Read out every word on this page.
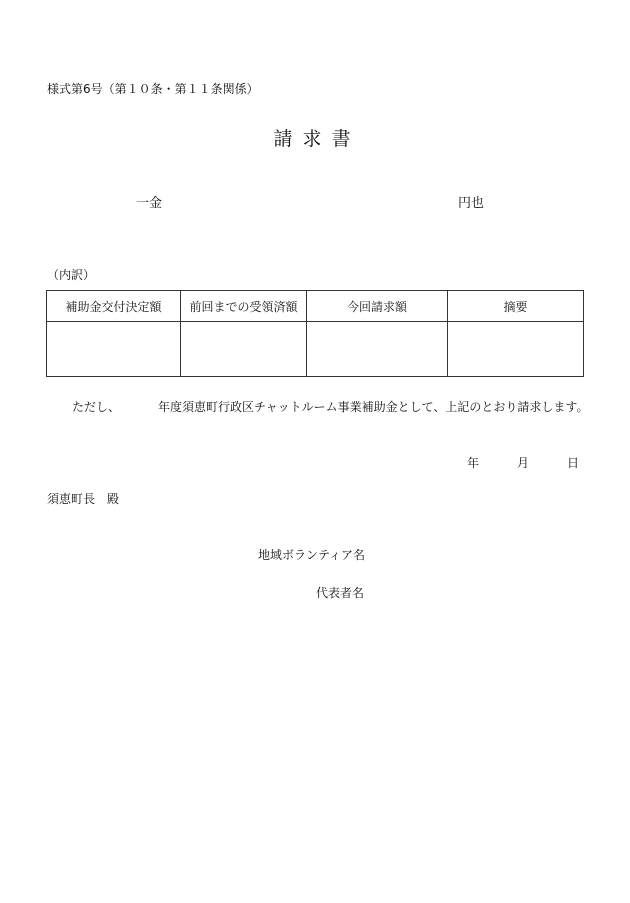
様式第6号（第１０条・第１１条関係）
請求書
一金	円也
（内訳）
補助金交付決定額	前回までの受領済額	今回請求額	摘要

ただし、	年度須恵町行政区チャットルーム事業補助金として、上記のとおり請求します。
年	月	日
須恵町長　殿
地域ボランティア名
代表者名
